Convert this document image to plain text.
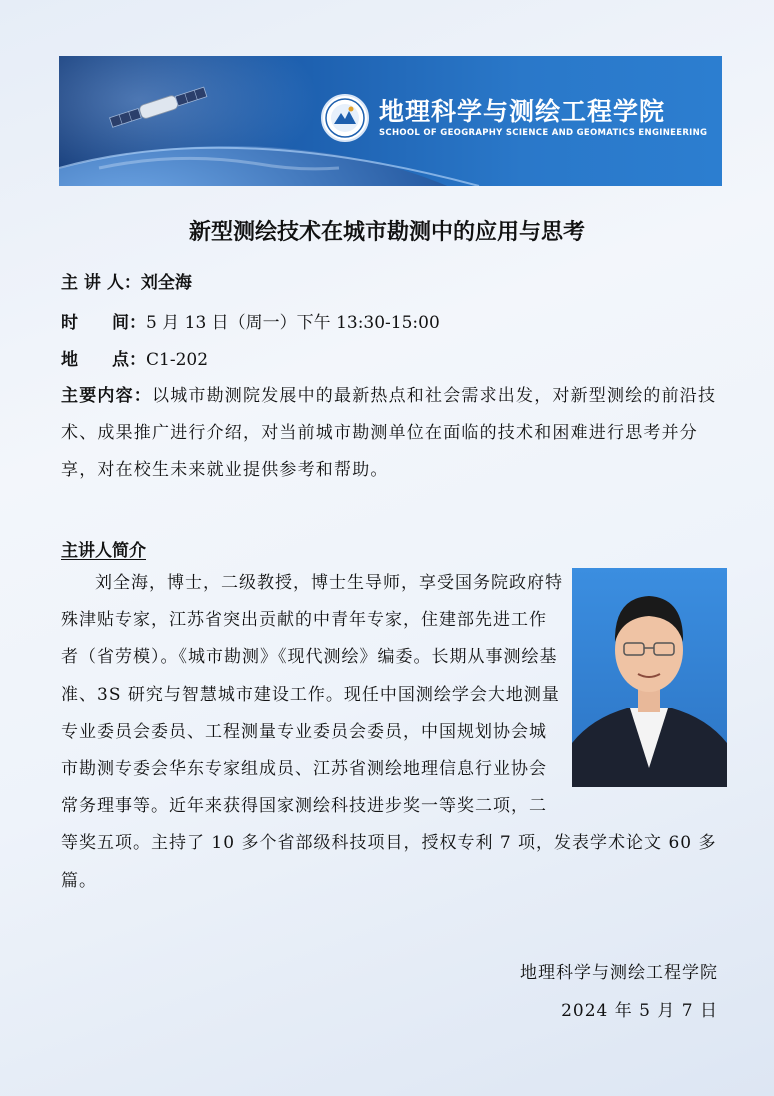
地理科学与测绘工程学院
SCHOOL OF GEOGRAPHY SCIENCE AND GEOMATICS ENGINEERING
新型测绘技术在城市勘测中的应用与思考
主 讲 人：刘全海
时　　间：5 月 13 日（周一）下午 13:30-15:00
地　　点：C1-202
主要内容：以城市勘测院发展中的最新热点和社会需求出发，对新型测绘的前沿技术、成果推广进行介绍，对当前城市勘测单位在面临的技术和困难进行思考并分享，对在校生未来就业提供参考和帮助。
主讲人简介
刘全海，博士，二级教授，博士生导师，享受国务院政府特殊津贴专家，江苏省突出贡献的中青年专家，住建部先进工作者（省劳模）。《城市勘测》《现代测绘》编委。长期从事测绘基准、3S 研究与智慧城市建设工作。现任中国测绘学会大地测量专业委员会委员、工程测量专业委员会委员，中国规划协会城市勘测专委会华东专家组成员、江苏省测绘地理信息行业协会常务理事等。近年来获得国家测绘科技进步奖一等奖二项，二等奖五项。主持了 10 多个省部级科技项目，授权专利 7 项，发表学术论文 60 多篇。
地理科学与测绘工程学院
2024 年 5 月 7 日
